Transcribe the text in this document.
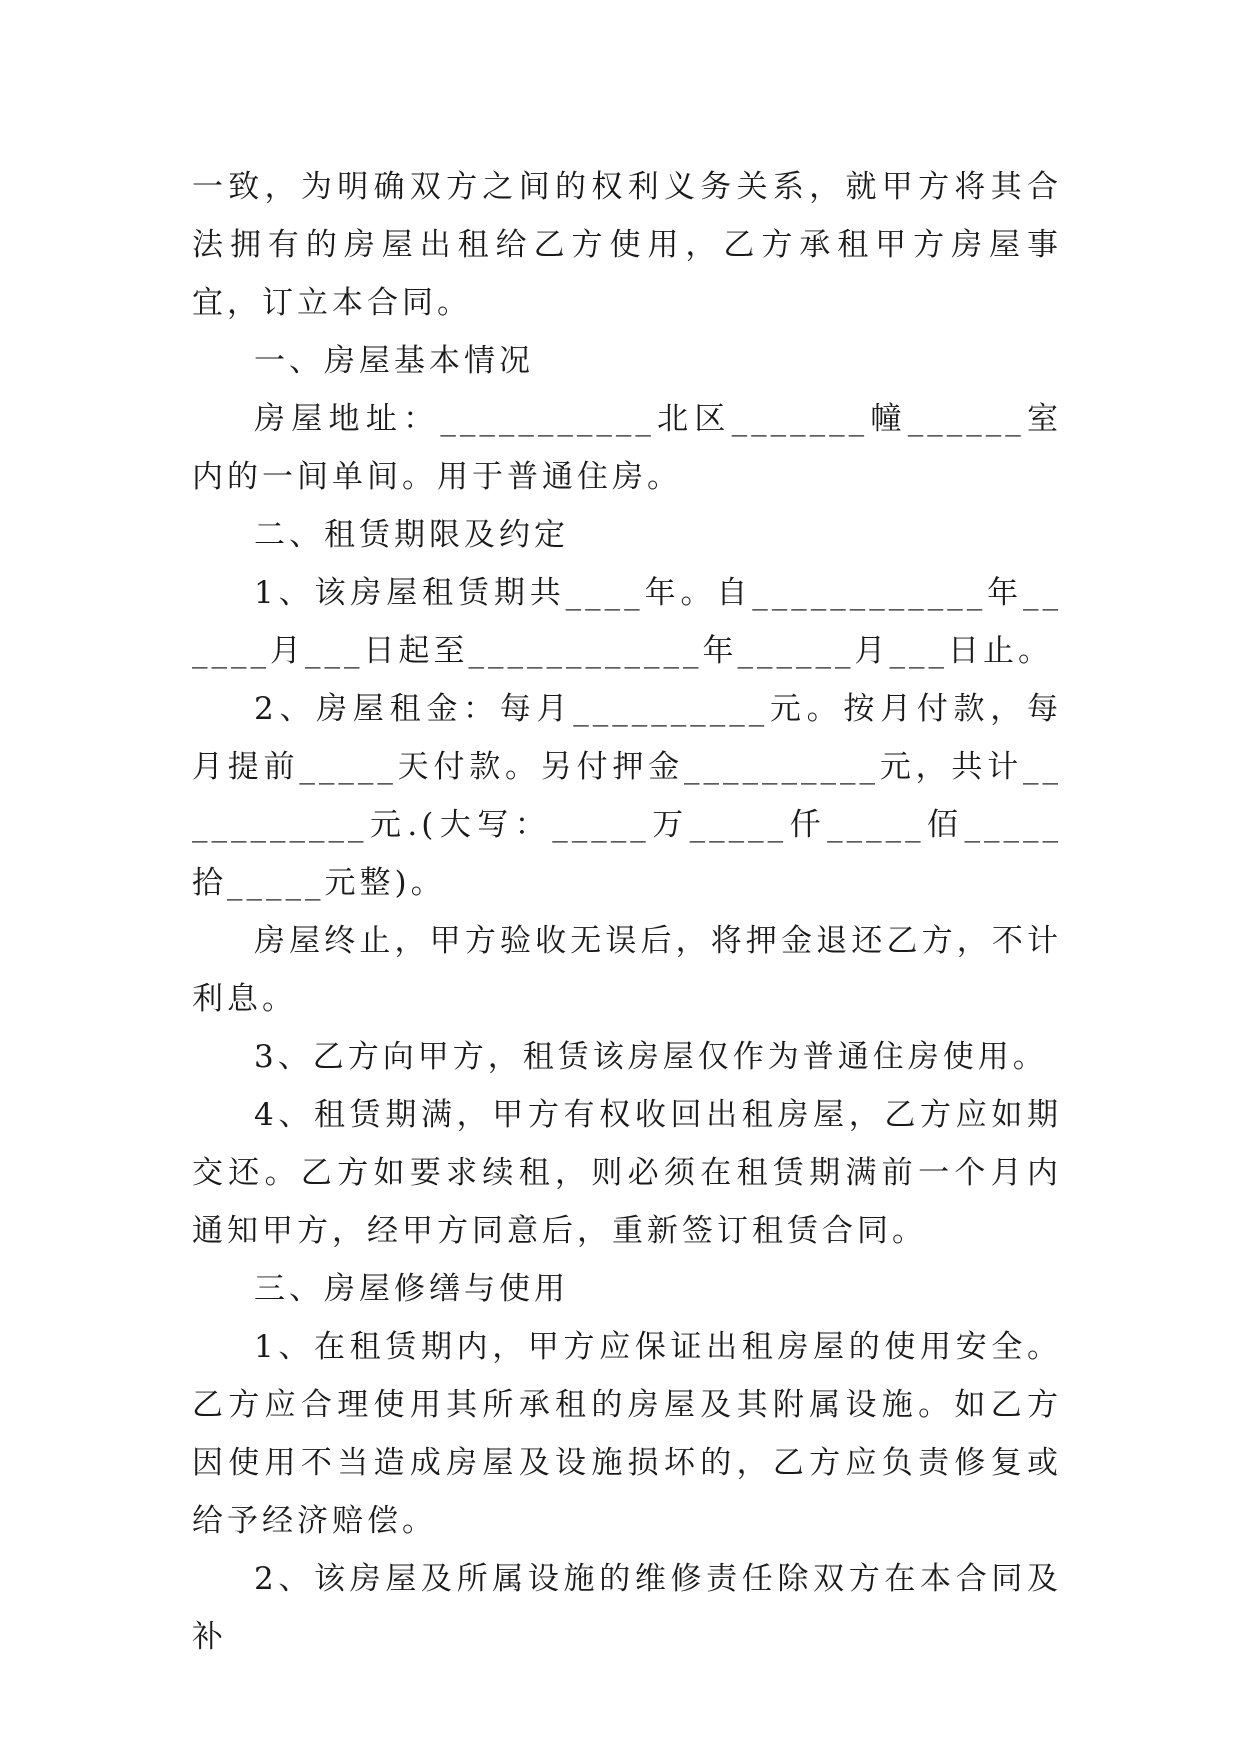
一致，为明确双方之间的权利义务关系，就甲方将其合法拥有的房屋出租给乙方使用，乙方承租甲方房屋事宜，订立本合同。

一、房屋基本情况

房屋地址：___________北区_______幢______室内的一间单间。用于普通住房。

二、租赁期限及约定

1、该房屋租赁期共____年。自____________年______月___日起至____________年______月___日止。

2、房屋租金：每月__________元。按月付款，每月提前_____天付款。另付押金__________元，共计___________元.(大写：_____万_____仟_____佰_____拾_____元整)。

房屋终止，甲方验收无误后，将押金退还乙方，不计利息。

3、乙方向甲方，租赁该房屋仅作为普通住房使用。

4、租赁期满，甲方有权收回出租房屋，乙方应如期交还。乙方如要求续租，则必须在租赁期满前一个月内通知甲方，经甲方同意后，重新签订租赁合同。

三、房屋修缮与使用

1、在租赁期内，甲方应保证出租房屋的使用安全。乙方应合理使用其所承租的房屋及其附属设施。如乙方因使用不当造成房屋及设施损坏的，乙方应负责修复或给予经济赔偿。

2、该房屋及所属设施的维修责任除双方在本合同及补
